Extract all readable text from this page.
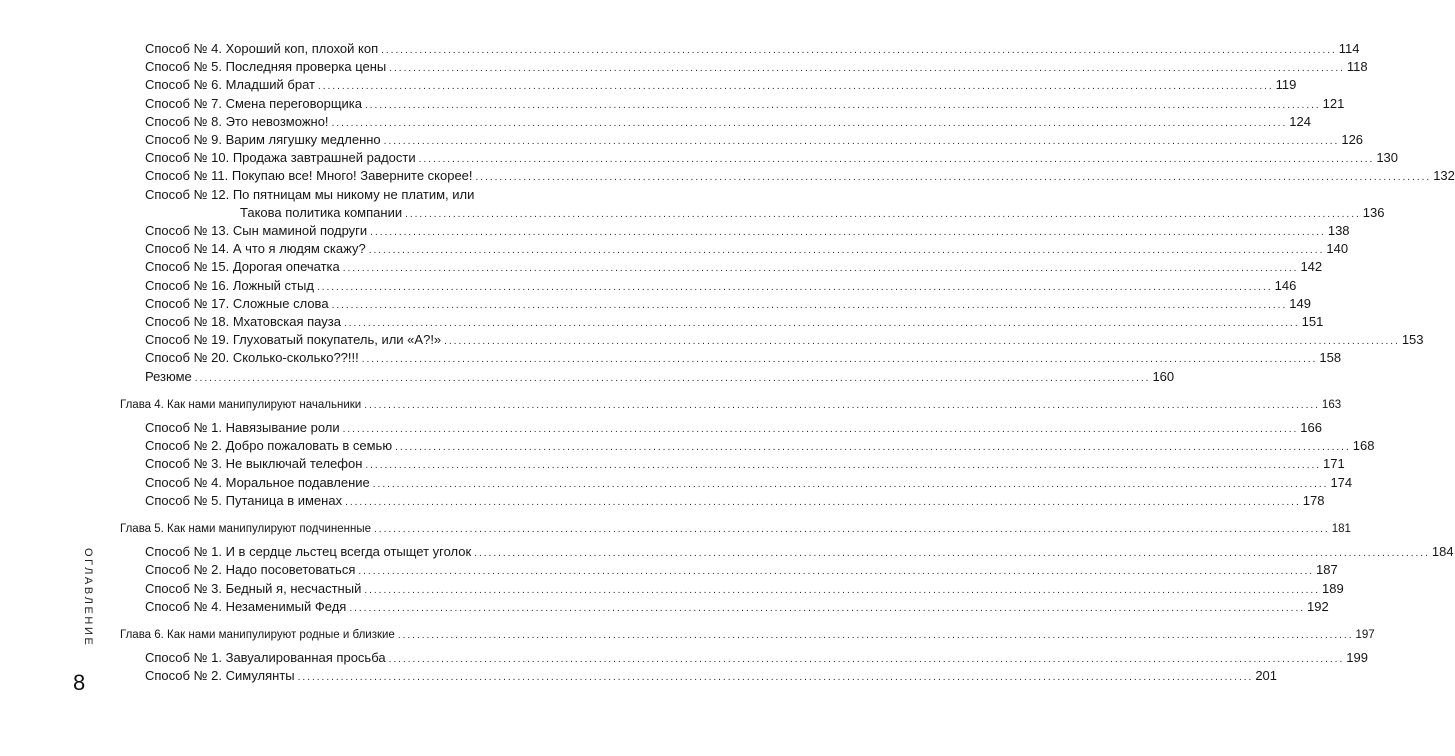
Способ № 4. Хороший коп, плохой коп ........................................................................................................................................................................................................ 114
Способ № 5. Последняя проверка цены ........................................................................................................................................................................................................ 118
Способ № 6. Младший брат ........................................................................................................................................................................................................ 119
Способ № 7. Смена переговорщика ........................................................................................................................................................................................................ 121
Способ № 8. Это невозможно! ........................................................................................................................................................................................................ 124
Способ № 9. Варим лягушку медленно ........................................................................................................................................................................................................ 126
Способ № 10. Продажа завтрашней радости ........................................................................................................................................................................................................ 130
Способ № 11. Покупаю все! Много! Заверните скорее! ........................................................................................................................................................................................................ 132
Способ № 12. По пятницам мы никому не платим, или
Такова политика компании ........................................................................................................................................................................................................ 136
Способ № 13. Сын маминой подруги ........................................................................................................................................................................................................ 138
Способ № 14. А что я людям скажу? ........................................................................................................................................................................................................ 140
Способ № 15. Дорогая опечатка ........................................................................................................................................................................................................ 142
Способ № 16. Ложный стыд ........................................................................................................................................................................................................ 146
Способ № 17. Сложные слова ........................................................................................................................................................................................................ 149
Способ № 18. Мхатовская пауза ........................................................................................................................................................................................................ 151
Способ № 19. Глуховатый покупатель, или «А?!» ........................................................................................................................................................................................................ 153
Способ № 20. Сколько-сколько??!!! ........................................................................................................................................................................................................ 158
Резюме ........................................................................................................................................................................................................ 160
Глава 4. Как нами манипулируют начальники ........................................................................................................................................................................................................ 163
Способ № 1. Навязывание роли ........................................................................................................................................................................................................ 166
Способ № 2. Добро пожаловать в семью ........................................................................................................................................................................................................ 168
Способ № 3. Не выключай телефон ........................................................................................................................................................................................................ 171
Способ № 4. Моральное подавление ........................................................................................................................................................................................................ 174
Способ № 5. Путаница в именах ........................................................................................................................................................................................................ 178
Глава 5. Как нами манипулируют подчиненные ........................................................................................................................................................................................................ 181
Способ № 1. И в сердце льстец всегда отыщет уголок ........................................................................................................................................................................................................ 184
Способ № 2. Надо посоветоваться ........................................................................................................................................................................................................ 187
Способ № 3. Бедный я, несчастный ........................................................................................................................................................................................................ 189
Способ № 4. Незаменимый Федя ........................................................................................................................................................................................................ 192
Глава 6. Как нами манипулируют родные и близкие ........................................................................................................................................................................................................ 197
Способ № 1. Завуалированная просьба ........................................................................................................................................................................................................ 199
Способ № 2. Симулянты ........................................................................................................................................................................................................ 201
ОГЛАВЛЕНИЕ
8
